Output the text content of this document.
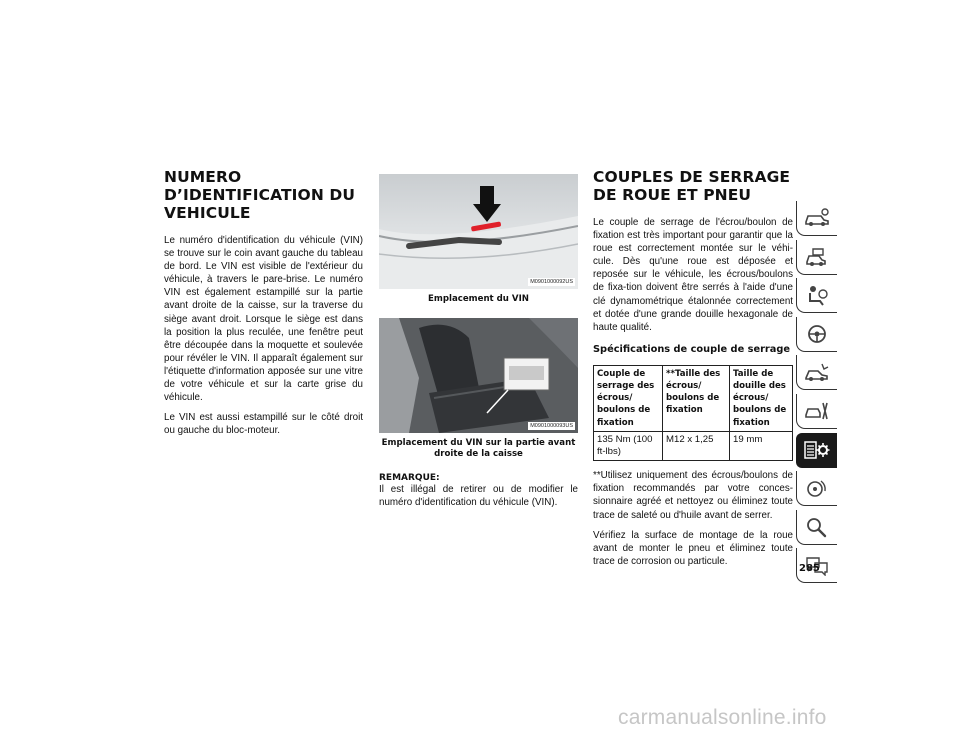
NUMERO D’IDENTIFICATION DU VEHICULE

Le numéro d'identification du véhicule (VIN) se trouve sur le coin avant gauche du tableau de bord. Le VIN est visible de l'extérieur du véhicule, à travers le pare-brise. Le numéro VIN est également estampillé sur la partie avant droite de la caisse, sur la traverse du siège avant droit. Lorsque le siège est dans la position la plus reculée, une fenêtre peut être découpée dans la moquette et soulevée pour révéler le VIN. Il apparaît également sur l'étiquette d'information apposée sur une vitre de votre véhicule et sur la carte grise du véhicule.

Le VIN est aussi estampillé sur le côté droit ou gauche du bloc-moteur.

M0901000092US
Emplacement du VIN
M0901000093US
Emplacement du VIN sur la partie avant droite de la caisse
REMARQUE:

Il est illégal de retirer ou de modifier le numéro d'identification du véhicule (VIN).

COUPLES DE SERRAGE DE ROUE ET PNEU

Le couple de serrage de l'écrou/boulon de fixation est très important pour garantir que la roue est correctement montée sur le véhi-cule. Dès qu'une roue est déposée et reposée sur le véhicule, les écrous/boulons de fixa-tion doivent être serrés à l'aide d'une clé dynamométrique étalonnée correctement et dotée d'une grande douille hexagonale de haute qualité.

Spécifications de couple de serrage
Couple de serrage des écrous/ boulons de fixation	**Taille des écrous/ boulons de fixation	Taille de douille des écrous/ boulons de fixation
135 Nm (100 ft-lbs)	M12 x 1,25	19 mm

**Utilisez uniquement des écrous/boulons de fixation recommandés par votre conces-sionnaire agréé et nettoyez ou éliminez toute trace de saleté ou d'huile avant de serrer.

Vérifiez la surface de montage de la roue avant de monter le pneu et éliminez toute trace de corrosion ou particule.

285
carmanualsonline.info
